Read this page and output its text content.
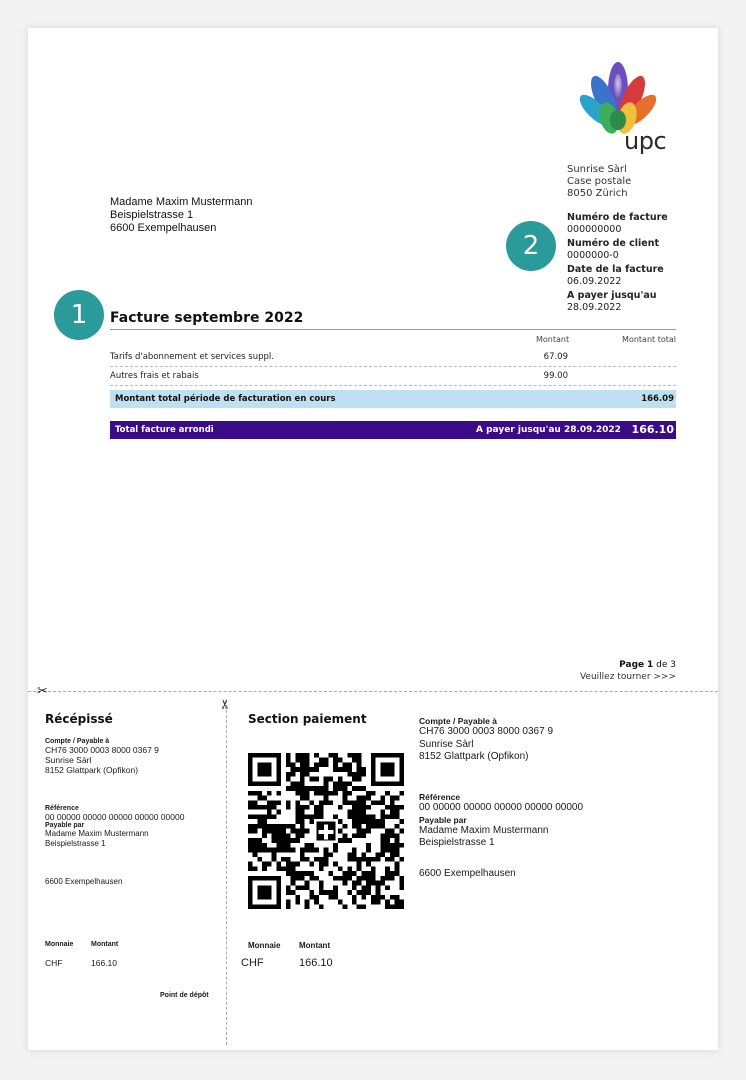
upc
Sunrise Sàrl
Case postale
8050 Zürich
Numéro de facture
000000000
Numéro de client
0000000-0
Date de la facture
06.09.2022
A payer jusqu'au
28.09.2022
Madame Maxim Mustermann
Beispielstrasse 1
6600 Exempelhausen
1
2
Facture septembre 2022
Montant	Montant total
Tarifs d'abonnement et services suppl.	67.09
Autres frais et rabais	99.00
Montant total période de facturation en cours	166.09
Total facture arrondi	A payer jusqu'au 28.09.2022 166.10
Page 1 de 3
Veuillez tourner >>>
✂
✂
Récépissé
Compte / Payable à
CH76 3000 0003 8000 0367 9
Sunrise Sàrl
8152 Glattpark (Opfikon)
Référence
00 00000 00000 00000 00000 00000
Payable par
Madame Maxim Mustermann
Beispielstrasse 1
6600 Exempelhausen
Monnaie	Montant
CHF	166.10
Point de dépôt
Section paiement
Monnaie Montant
CHF	166.10
Compte / Payable à
CH76 3000 0003 8000 0367 9
Sunrise Sàrl
8152 Glattpark (Opfikon)
Référence
00 00000 00000 00000 00000 00000
Payable par
Madame Maxim Mustermann
Beispielstrasse 1
6600 Exempelhausen
